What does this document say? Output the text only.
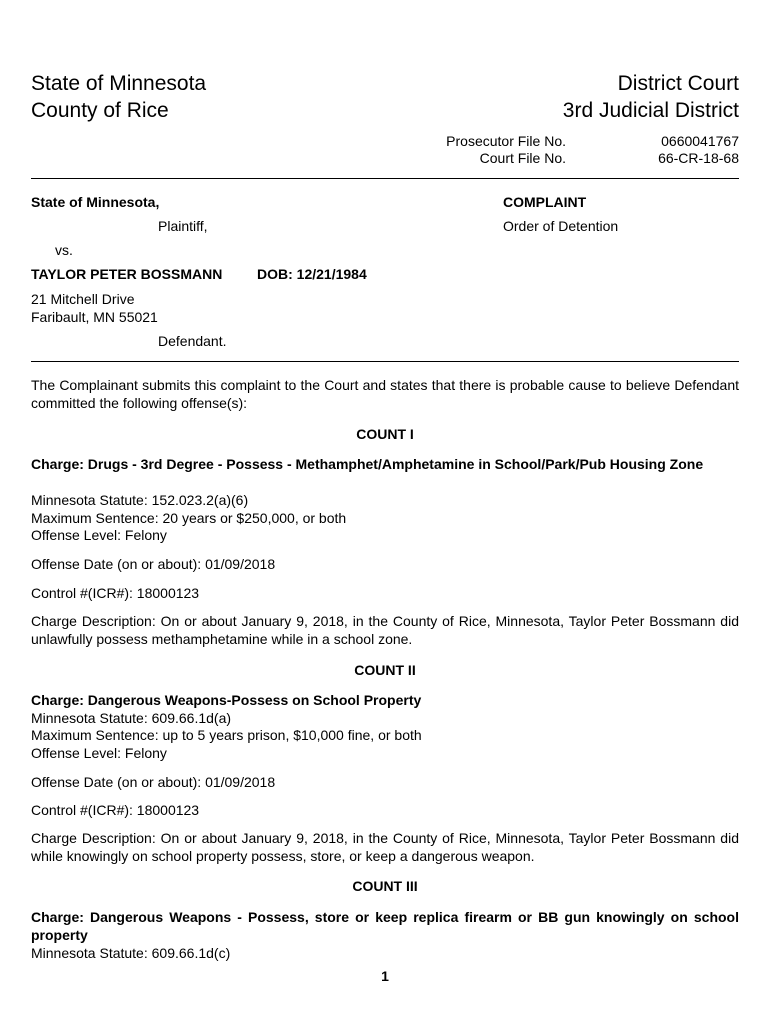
State of Minnesota
County of Rice
District Court
3rd Judicial District
Prosecutor File No.	0660041767
Court File No.	66-CR-18-68
State of Minnesota,
Plaintiff,
vs.
TAYLOR PETER BOSSMANN DOB: 12/21/1984
21 Mitchell Drive
Faribault, MN 55021
Defendant.
COMPLAINT
Order of Detention
The Complainant submits this complaint to the Court and states that there is probable cause to believe Defendant committed the following offense(s):
COUNT I
Charge: Drugs - 3rd Degree - Possess - Methamphet/Amphetamine in School/Park/Pub Housing Zone
Minnesota Statute: 152.023.2(a)(6)
Maximum Sentence: 20 years or $250,000, or both
Offense Level: Felony
Offense Date (on or about): 01/09/2018
Control #(ICR#): 18000123
Charge Description: On or about January 9, 2018, in the County of Rice, Minnesota, Taylor Peter Bossmann did unlawfully possess methamphetamine while in a school zone.
COUNT II
Charge: Dangerous Weapons-Possess on School Property
Minnesota Statute: 609.66.1d(a)
Maximum Sentence: up to 5 years prison, $10,000 fine, or both
Offense Level: Felony
Offense Date (on or about): 01/09/2018
Control #(ICR#): 18000123
Charge Description: On or about January 9, 2018, in the County of Rice, Minnesota, Taylor Peter Bossmann did while knowingly on school property possess, store, or keep a dangerous weapon.
COUNT III
Charge: Dangerous Weapons - Possess, store or keep replica firearm or BB gun knowingly on school property
Minnesota Statute: 609.66.1d(c)
1
